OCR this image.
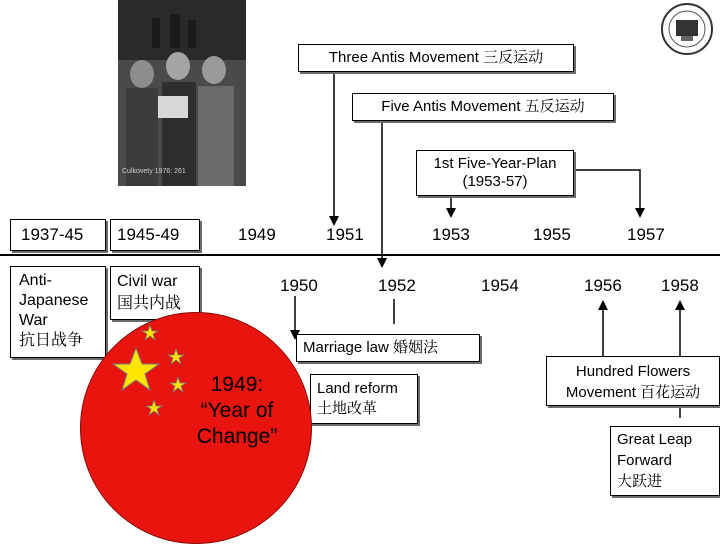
Culkovety 1976: 261
Three Antis Movement 三反运动
Five Antis Movement 五反运动
1st Five-Year-Plan
(1953-57)
1937-45	1945-49
Anti-
Japanese
War
抗日战争
Civil war
国共内战
1949	1951	1953	1955	1957
1950	1952	1954	1956 1958
Marriage law 婚姻法
Land reform
土地改革
Hundred Flowers
Movement 百花运动
Great Leap
Forward
大跃进
1949:
“Year of
Change”
